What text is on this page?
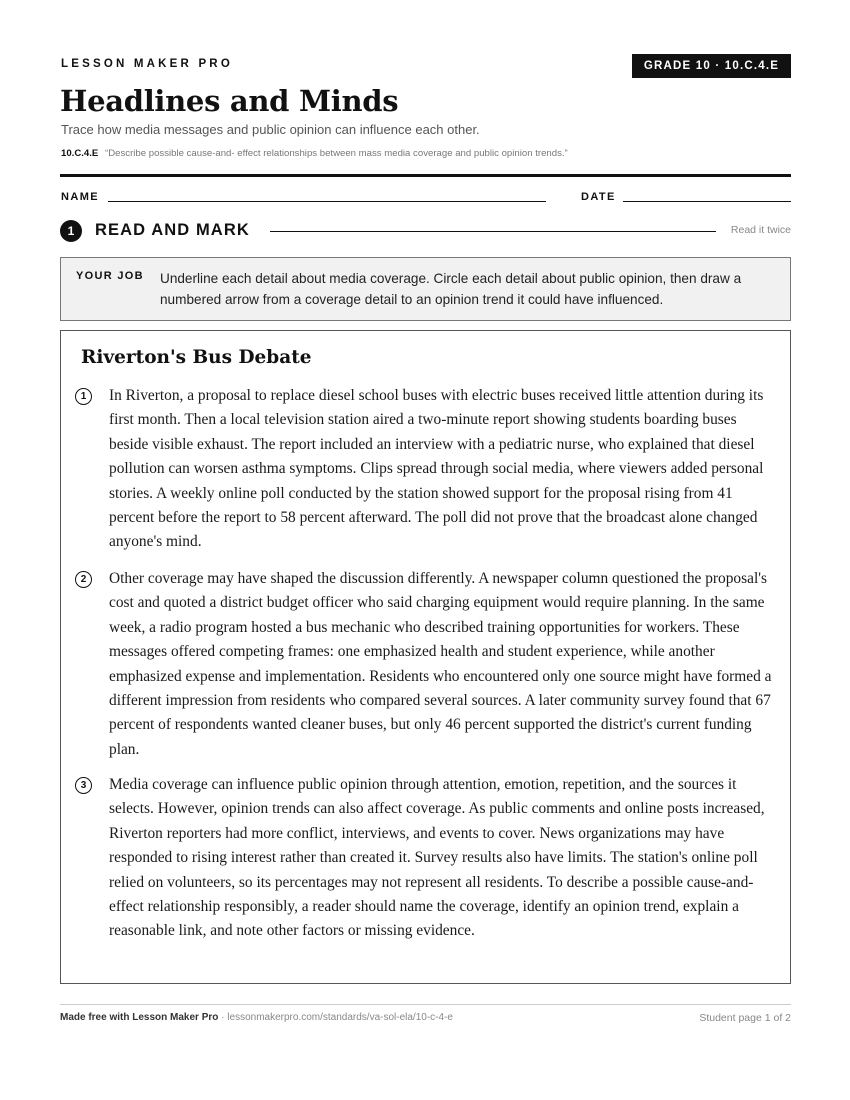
LESSON MAKER PRO	GRADE 10 · 10.C.4.E
Headlines and Minds
Trace how media messages and public opinion can influence each other.
10.C.4.E “Describe possible cause-and- effect relationships between mass media coverage and public opinion trends.”
NAME	DATE
1	READ AND MARK	Read it twice
YOUR JOB Underline each detail about media coverage. Circle each detail about public opinion, then draw a numbered arrow from a coverage detail to an opinion trend it could have influenced.
Riverton's Bus Debate
1	In Riverton, a proposal to replace diesel school buses with electric buses received little attention during its first month. Then a local television station aired a two-minute report showing students boarding buses beside visible exhaust. The report included an interview with a pediatric nurse, who explained that diesel pollution can worsen asthma symptoms. Clips spread through social media, where viewers added personal stories. A weekly online poll conducted by the station showed support for the proposal rising from 41 percent before the report to 58 percent afterward. The poll did not prove that the broadcast alone changed anyone's mind.

2	Other coverage may have shaped the discussion differently. A newspaper column questioned the proposal's cost and quoted a district budget officer who said charging equipment would require planning. In the same week, a radio program hosted a bus mechanic who described training opportunities for workers. These messages offered competing frames: one emphasized health and student experience, while another emphasized expense and implementation. Residents who encountered only one source might have formed a different impression from residents who compared several sources. A later community survey found that 67 percent of respondents wanted cleaner buses, but only 46 percent supported the district's current funding plan.

3	Media coverage can influence public opinion through attention, emotion, repetition, and the sources it selects. However, opinion trends can also affect coverage. As public comments and online posts increased, Riverton reporters had more conflict, interviews, and events to cover. News organizations may have responded to rising interest rather than created it. Survey results also have limits. The station's online poll relied on volunteers, so its percentages may not represent all residents. To describe a possible cause-and-effect relationship responsibly, a reader should name the coverage, identify an opinion trend, explain a reasonable link, and note other factors or missing evidence.

Made free with Lesson Maker Pro · lessonmakerpro.com/standards/va-sol-ela/10-c-4-e	Student page 1 of 2
